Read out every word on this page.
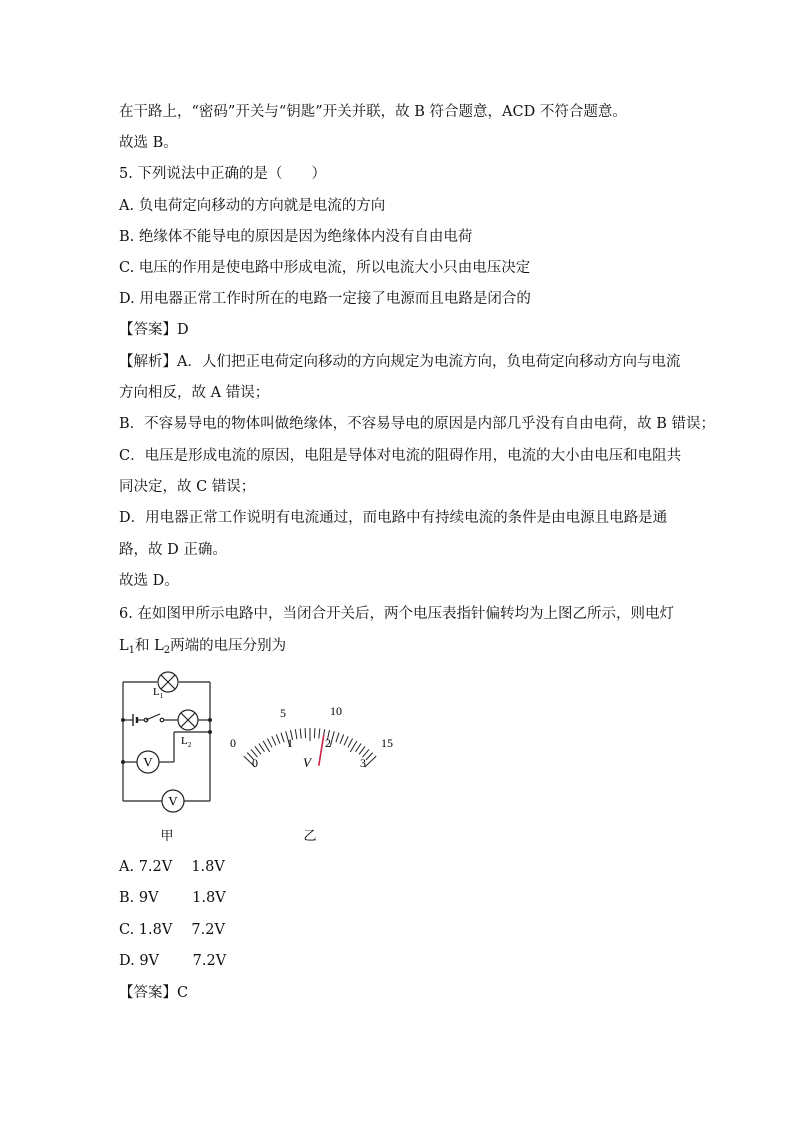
在干路上，“密码”开关与“钥匙”开关并联，故 B 符合题意，ACD 不符合题意。
故选 B。
5. 下列说法中正确的是（　　）
A. 负电荷定向移动的方向就是电流的方向
B. 绝缘体不能导电的原因是因为绝缘体内没有自由电荷
C. 电压的作用是使电路中形成电流，所以电流大小只由电压决定
D. 用电器正常工作时所在的电路一定接了电源而且电路是闭合的
【答案】D
【解析】A．人们把正电荷定向移动的方向规定为电流方向，负电荷定向移动方向与电流
方向相反，故 A 错误；
B．不容易导电的物体叫做绝缘体，不容易导电的原因是内部几乎没有自由电荷，故 B 错误；
C．电压是形成电流的原因，电阻是导体对电流的阻碍作用，电流的大小由电压和电阻共
同决定，故 C 错误；
D．用电器正常工作说明有电流通过，而电路中有持续电流的条件是由电源且电路是通
路，故 D 正确。
故选 D。
6. 在如图甲所示电路中，当闭合开关后，两个电压表指针偏转均为上图乙所示，则电灯
$L_1$和 $L_2$两端的电压分别为
V
V
$L_1$
$L_2$
甲
0
5	10
15
0
1	2
3
V
乙
A. 7.2V　 1.8V
B. 9V　　 1.8V
C. 1.8V　 7.2V
D. 9V　　 7.2V
【答案】C
